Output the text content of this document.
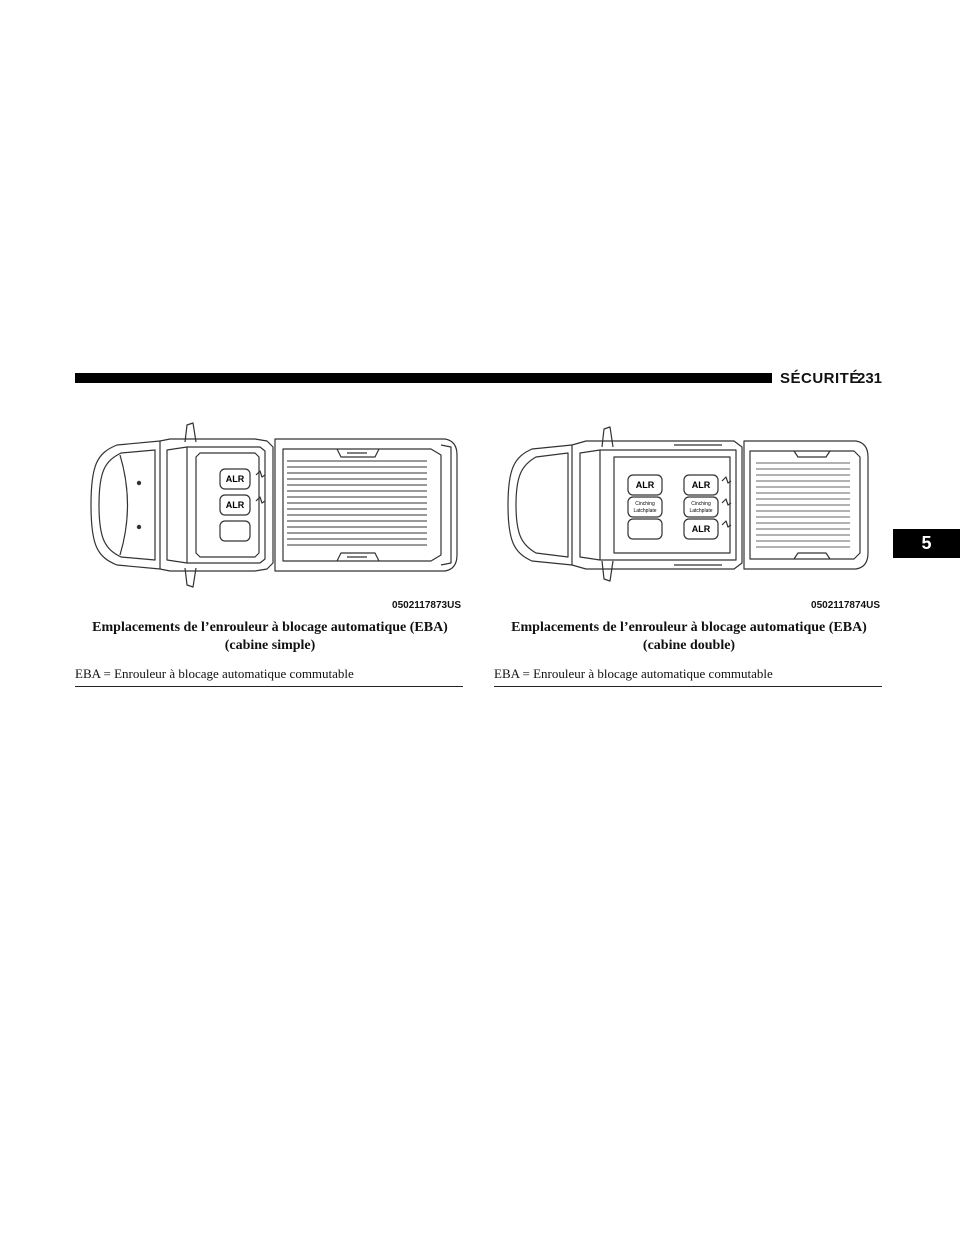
SÉCURITÉ
231
5
ALR
ALR
0502117873US
ALR
Cinching
Latchplate
ALR
Cinching
Latchplate
ALR
0502117874US
Emplacements de l’enrouleur à blocage automatique (EBA)
(cabine simple)
Emplacements de l’enrouleur à blocage automatique (EBA)
(cabine double)
EBA = Enrouleur à blocage automatique commutable	EBA = Enrouleur à blocage automatique commutable
